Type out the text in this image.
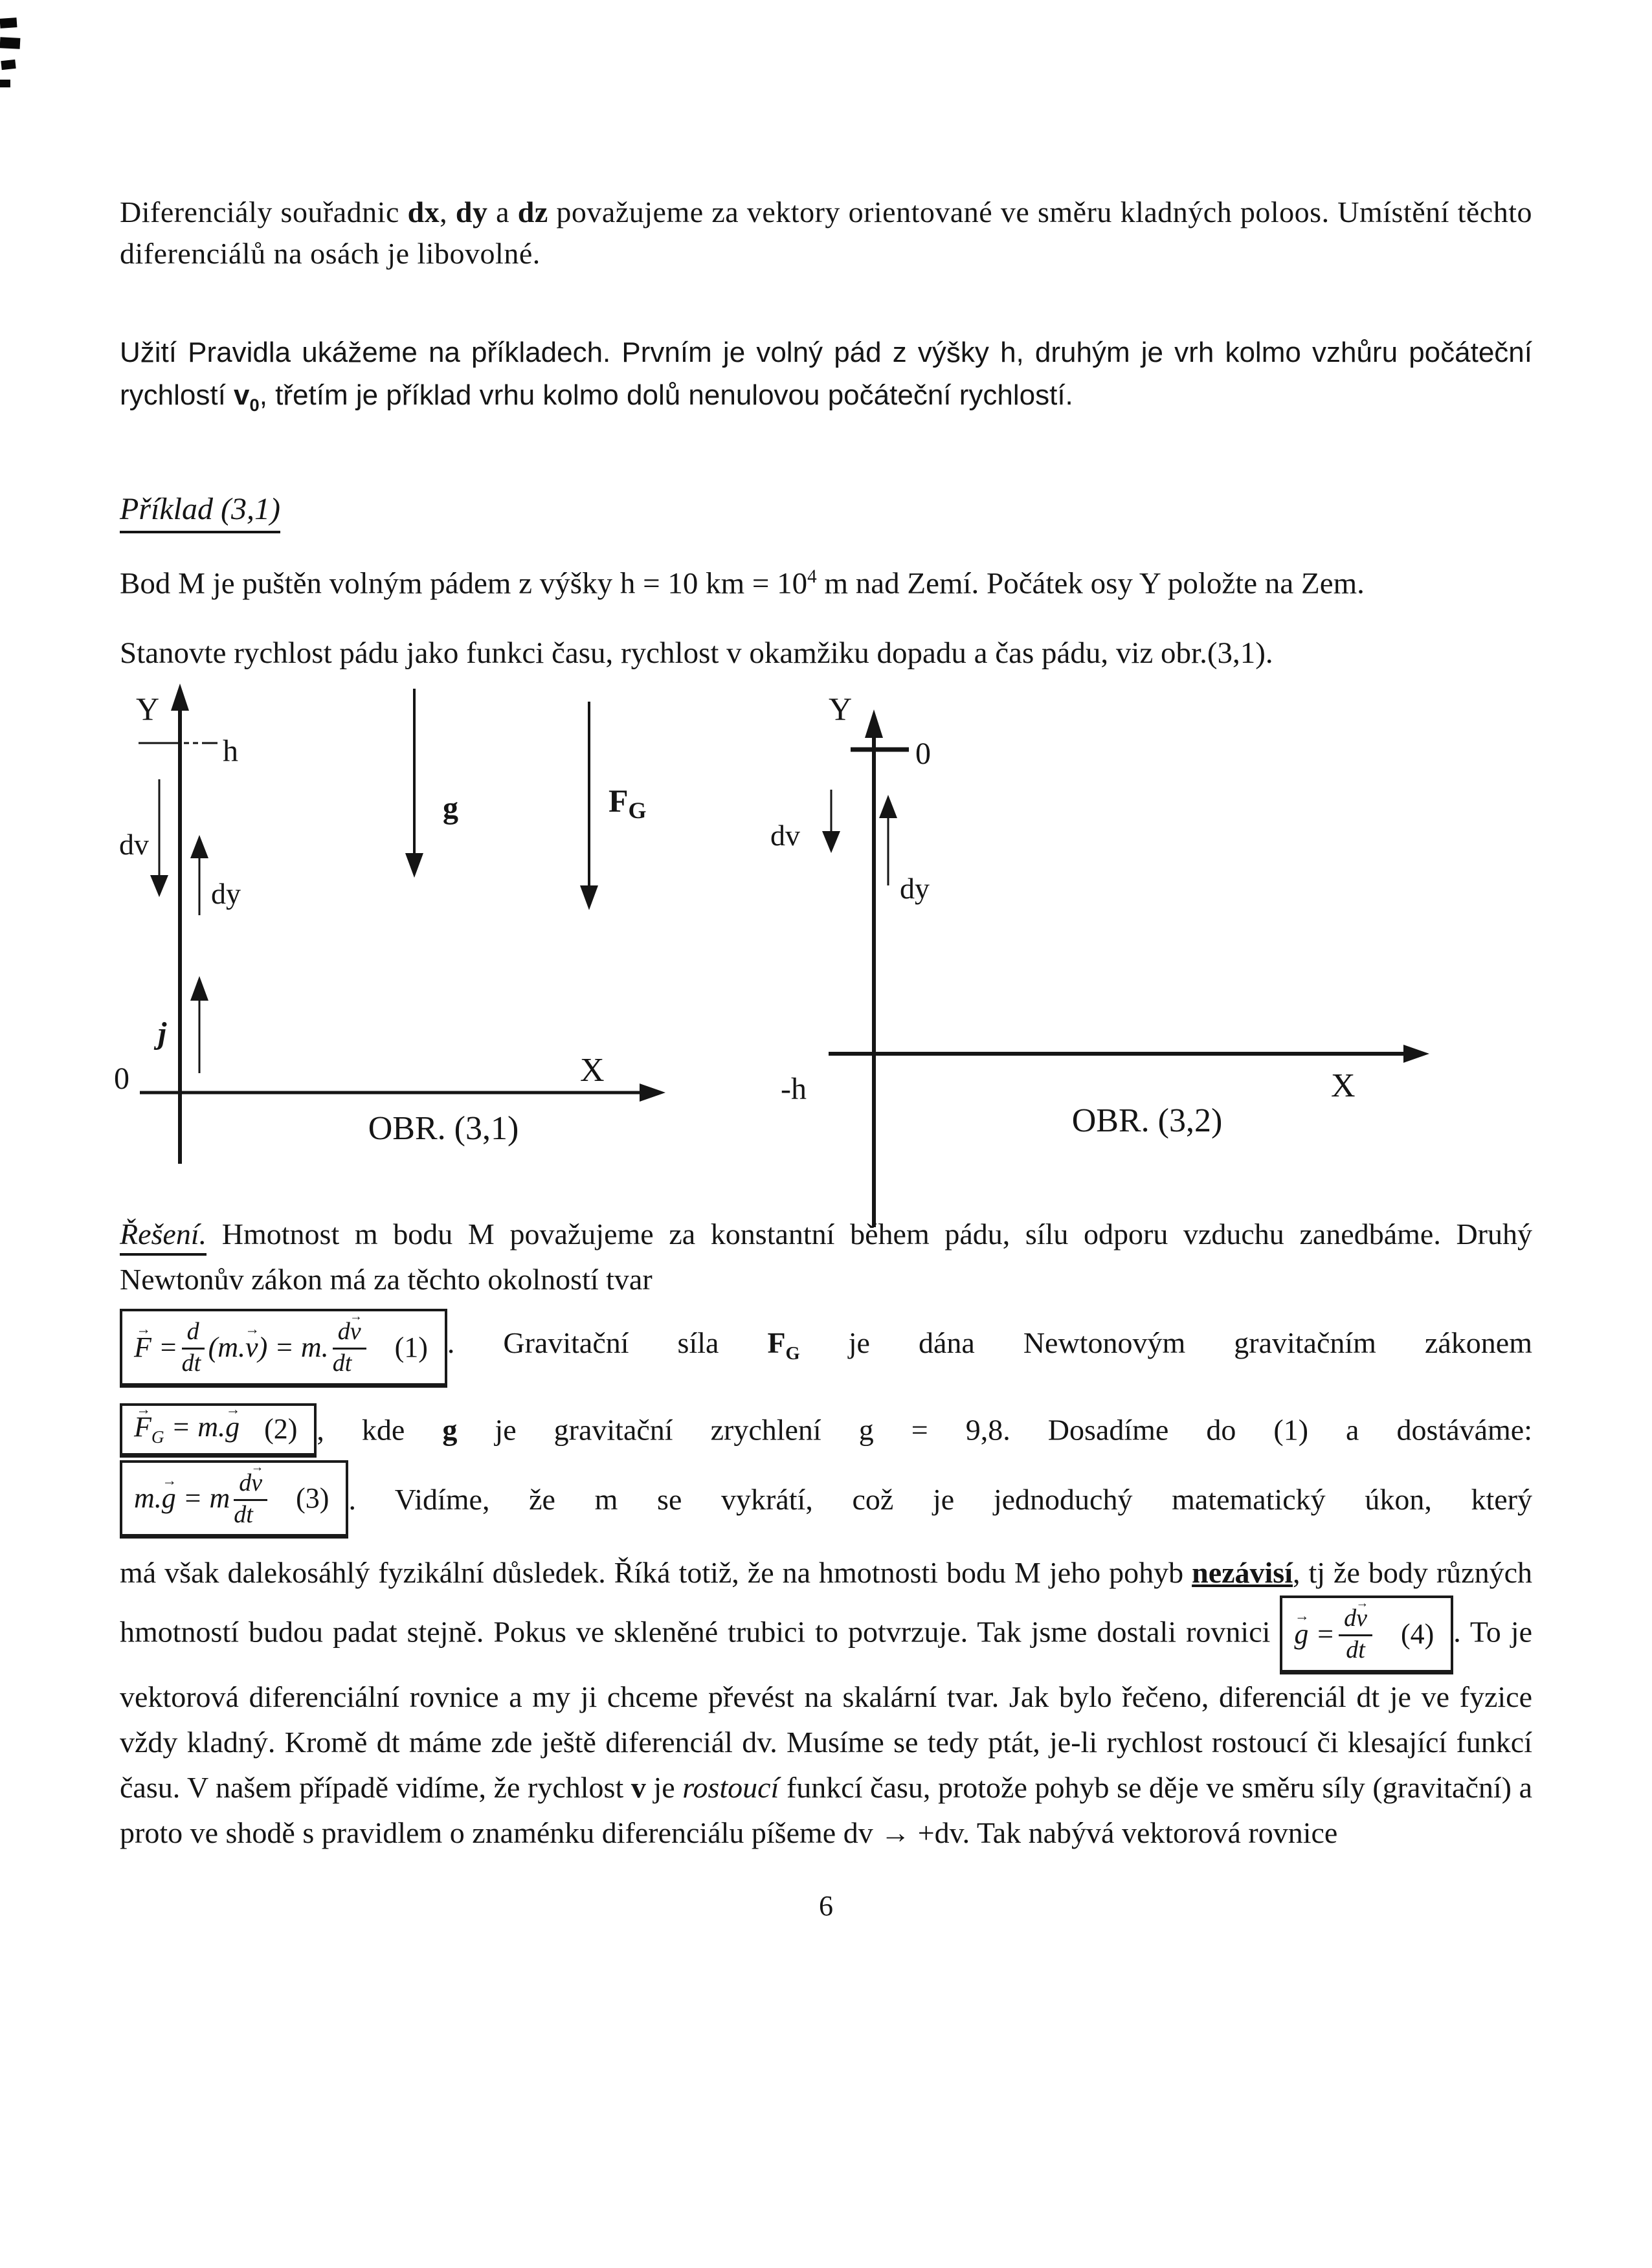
Diferenciály souřadnic dx, dy a dz považujeme za vektory orientované ve směru kladných poloos. Umístění těchto diferenciálů na osách je libovolné.

Užití Pravidla ukážeme na příkladech. Prvním je volný pád z výšky h, druhým je vrh kolmo vzhůru počáteční rychlostí $v_0$, třetím je příklad vrhu kolmo dolů nenulovou počáteční rychlostí.

Příklad (3,1)

Bod M je puštěn volným pádem z výšky h = 10 km = $10^4$ m nad Zemí. Počátek osy Y položte na Zem.

Stanovte rychlost pádu jako funkci času, rychlost v okamžiku dopadu a čas pádu, viz obr.(3,1).

Y
h
dv
dy
g	$F_G$
j
0	X
OBR. (3,1)
Y
0
dv
dy
X
-h
OBR. (3,2)

Řešení. Hmotnost m bodu M považujeme za konstantní během pádu, sílu odporu vzduchu zanedbáme. Druhý Newtonův zákon má za těchto okolností tvar

F → = $\frac{d}{dt} (m.v$ →) = m. $\frac{dv \to}{dt} (1)$ . Gravitační síla $F_G$ je dána Newtonovým gravitačním zákonem
$F \to_G = m.g \to (2)$ , kde g je gravitační zrychlení g = 9,8. Dosadíme do (1) a dostáváme:
m.g → = m $\frac{dv \to}{dt} (3)$ . Vidíme, že m se vykrátí, což je jednoduchý matematický úkon, který

má však dalekosáhlý fyzikální důsledek. Říká totiž, že na hmotnosti bodu M jeho pohyb nezávisí, tj že body různých hmotností budou padat stejně. Pokus ve skleněné trubici to potvrzuje. Tak jsme dostali rovnici g → = $\frac{dv \to}{dt} (4)$ . To je vektorová diferenciální rovnice a my ji chceme převést na skalární tvar. Jak bylo řečeno, diferenciál dt je ve fyzice vždy kladný. Kromě dt máme zde ještě diferenciál dv. Musíme se tedy ptát, je-li rychlost rostoucí či klesající funkcí času. V našem případě vidíme, že rychlost v je rostoucí funkcí času, protože pohyb se děje ve směru síly (gravitační) a proto ve shodě s pravidlem o znaménku diferenciálu píšeme dv → +dv. Tak nabývá vektorová rovnice

6
